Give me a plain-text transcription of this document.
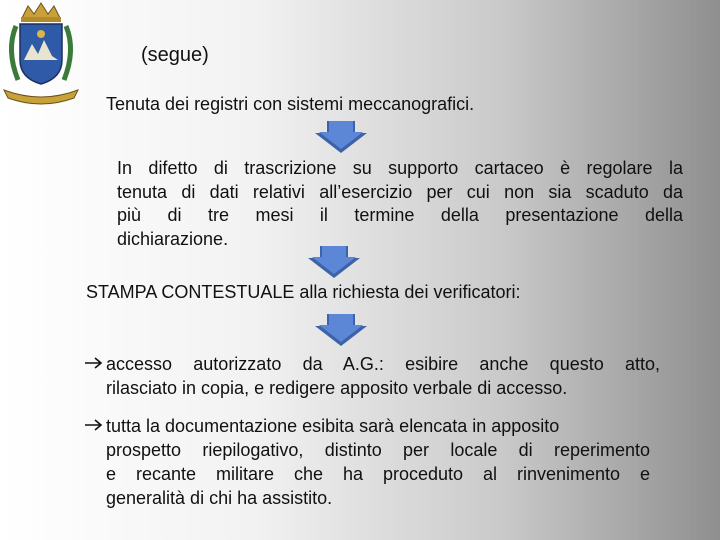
(segue)
Tenuta dei registri con sistemi meccanografici.
In difetto di trascrizione su supporto cartaceo è regolare la
tenuta di dati relativi all’esercizio per cui non sia scaduto da
più di tre mesi il termine della presentazione della
dichiarazione.
STAMPA CONTESTUALE alla richiesta dei verificatori:
accesso autorizzato da A.G.: esibire anche questo atto,
rilasciato in copia, e redigere apposito verbale di accesso.
tutta la documentazione esibita sarà elencata in apposito
prospetto riepilogativo, distinto per locale di reperimento
e recante militare che ha proceduto al rinvenimento e
generalità di chi ha assistito.
